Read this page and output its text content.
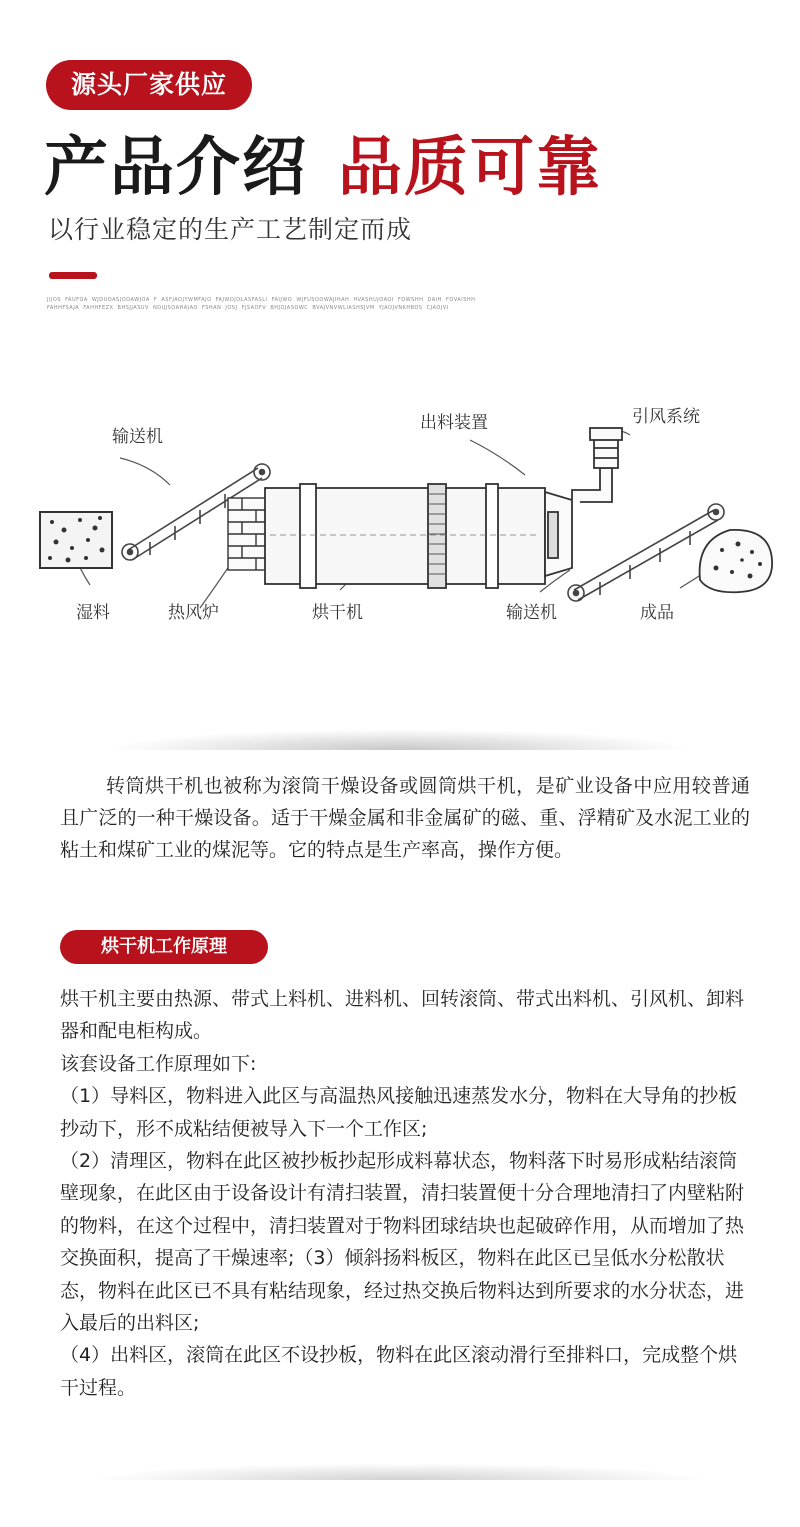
源头厂家供应
产品介绍 品质可靠
以行业稳定的生产工艺制定而成
JIJOS FAUFOA WJDUOASJOOAWJOA F ASFJAOJYWMFAJO FAJWOJOLASFASLI FAIJWO WJFUSOOWAJIHAH HVASHUJOAOI FOWSHH DAIH FOVAISHH FAHHFSAJA FAHHFEZX BHSJJASUV NDIJJSOAHAJAO FSHAN JOSJ FJSAOFV BHJOJASOWC BVAJVNVWLIASHSJVM YJAOJVNKHBOS CJAOJVI
输送机
出料装置	引风系统
湿料	热风炉	烘干机	输送机	成品
转筒烘干机也被称为滚筒干燥设备或圆筒烘干机，是矿业设备中应用较普通且广泛的一种干燥设备。适于干燥金属和非金属矿的磁、重、浮精矿及水泥工业的粘土和煤矿工业的煤泥等。它的特点是生产率高，操作方便。
烘干机工作原理

烘干机主要由热源、带式上料机、进料机、回转滚筒、带式出料机、引风机、卸料器和配电柜构成。

该套设备工作原理如下:

（1）导料区，物料进入此区与高温热风接触迅速蒸发水分，物料在大导角的抄板抄动下，形不成粘结便被导入下一个工作区;

（2）清理区，物料在此区被抄板抄起形成料幕状态，物料落下时易形成粘结滚筒壁现象，在此区由于设备设计有清扫装置，清扫装置便十分合理地清扫了内壁粘附的物料，在这个过程中，清扫装置对于物料团球结块也起破碎作用，从而增加了热交换面积，提高了干燥速率;（3）倾斜扬料板区，物料在此区已呈低水分松散状态，物料在此区已不具有粘结现象，经过热交换后物料达到所要求的水分状态，进入最后的出料区;

（4）出料区，滚筒在此区不设抄板，物料在此区滚动滑行至排料口，完成整个烘干过程。
